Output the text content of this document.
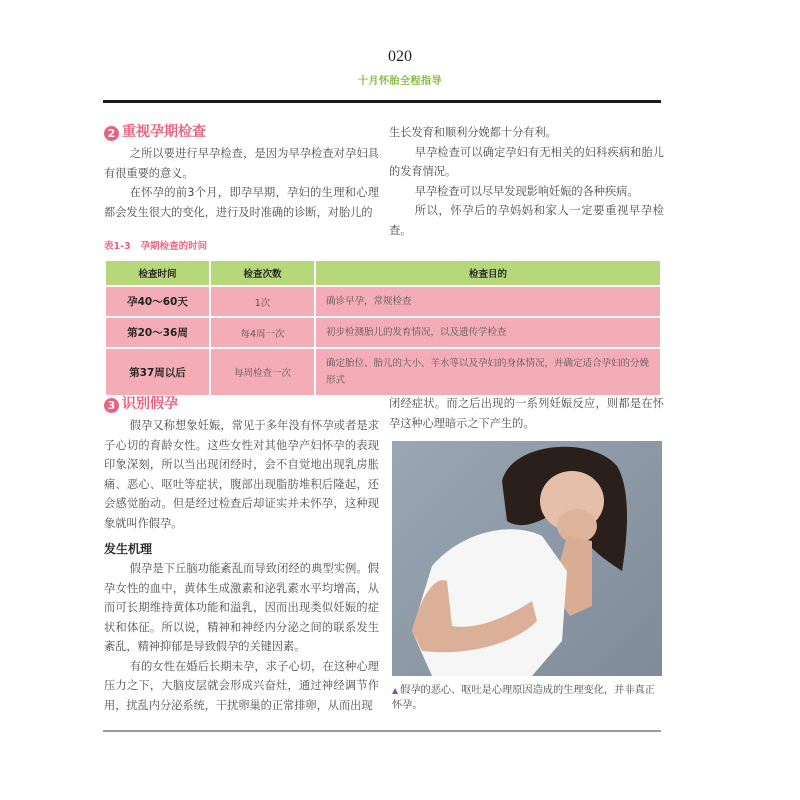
020
十月怀胎全程指导
2 重视孕期检查

之所以要进行早孕检查，是因为早孕检查对孕妇具有很重要的意义。

在怀孕的前3个月，即孕早期，孕妇的生理和心理都会发生很大的变化，进行及时准确的诊断，对胎儿的

生长发育和顺利分娩都十分有利。

早孕检查可以确定孕妇有无相关的妇科疾病和胎儿的发育情况。

早孕检查可以尽早发现影响妊娠的各种疾病。

所以，怀孕后的孕妈妈和家人一定要重视早孕检查。

表1-3 孕期检查的时间
检查时间	检查次数	检查目的
孕40～60天	1次	确诊早孕，常规检查
第20～36周	每4周一次	初步检测胎儿的发育情况，以及遗传学检查
第37周以后	每周检查一次	确定胎位、胎儿的大小、羊水等以及孕妇的身体情况，并确定适合孕妇的分娩形式
3 识别假孕

假孕又称想象妊娠，常见于多年没有怀孕或者是求子心切的育龄女性。这些女性对其他孕产妇怀孕的表现印象深刻，所以当出现闭经时，会不自觉地出现乳房胀痛、恶心、呕吐等症状，腹部出现脂肪堆积后隆起，还会感觉胎动。但是经过检查后却证实并未怀孕，这种现象就叫作假孕。

发生机理

假孕是下丘脑功能紊乱而导致闭经的典型实例。假孕女性的血中，黄体生成激素和泌乳素水平均增高，从而可长期维持黄体功能和溢乳，因而出现类似妊娠的症状和体征。所以说，精神和神经内分泌之间的联系发生紊乱，精神抑郁是导致假孕的关键因素。

有的女性在婚后长期未孕，求子心切，在这种心理压力之下，大脑皮层就会形成兴奋灶，通过神经调节作用，扰乱内分泌系统，干扰卵巢的正常排卵，从而出现

闭经症状。而之后出现的一系列妊娠反应，则都是在怀孕这种心理暗示之下产生的。

▲ 假孕的恶心、呕吐是心理原因造成的生理变化，并非真正怀孕。
